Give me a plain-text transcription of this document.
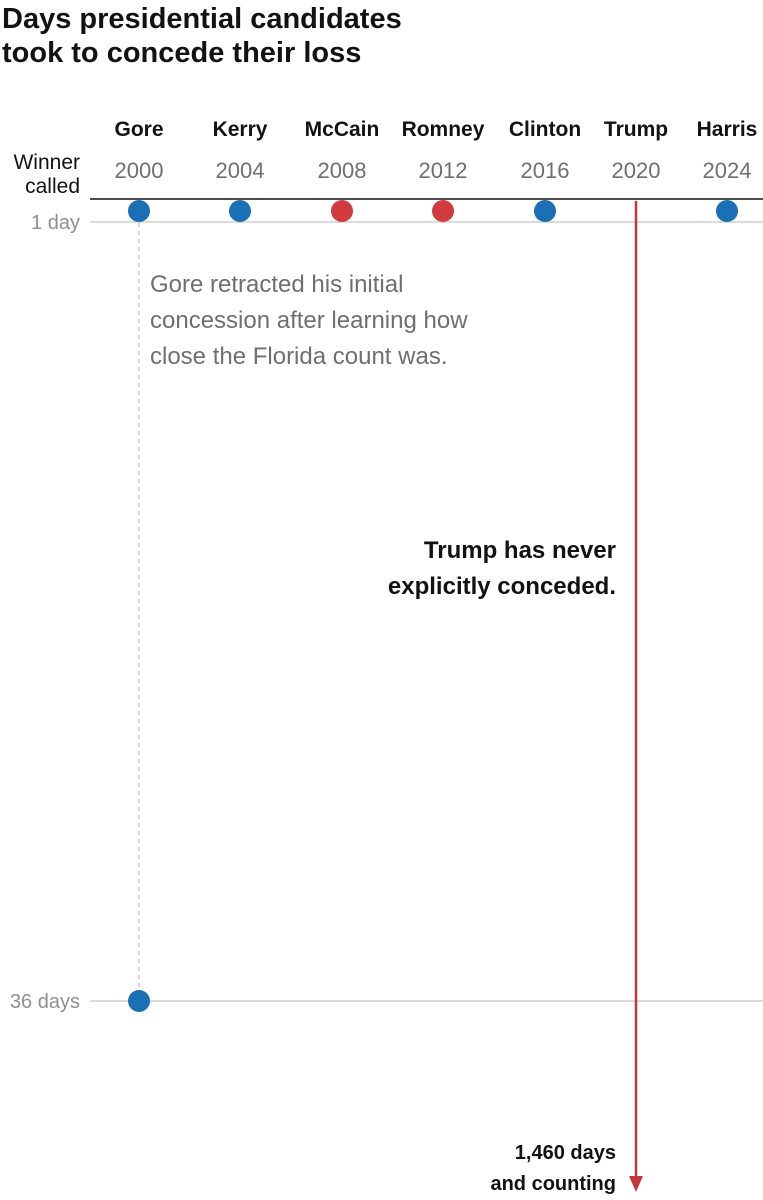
Days presidential candidates
took to concede their loss
Gore
2000
Kerry
2004
McCain
2008
Romney
2012
Clinton
2016
Trump
2020
Harris
2024
Winner
called
1 day
36 days
Gore retracted his initial
concession after learning how
close the Florida count was.
Trump has never
explicitly conceded.
1,460 days
and counting
